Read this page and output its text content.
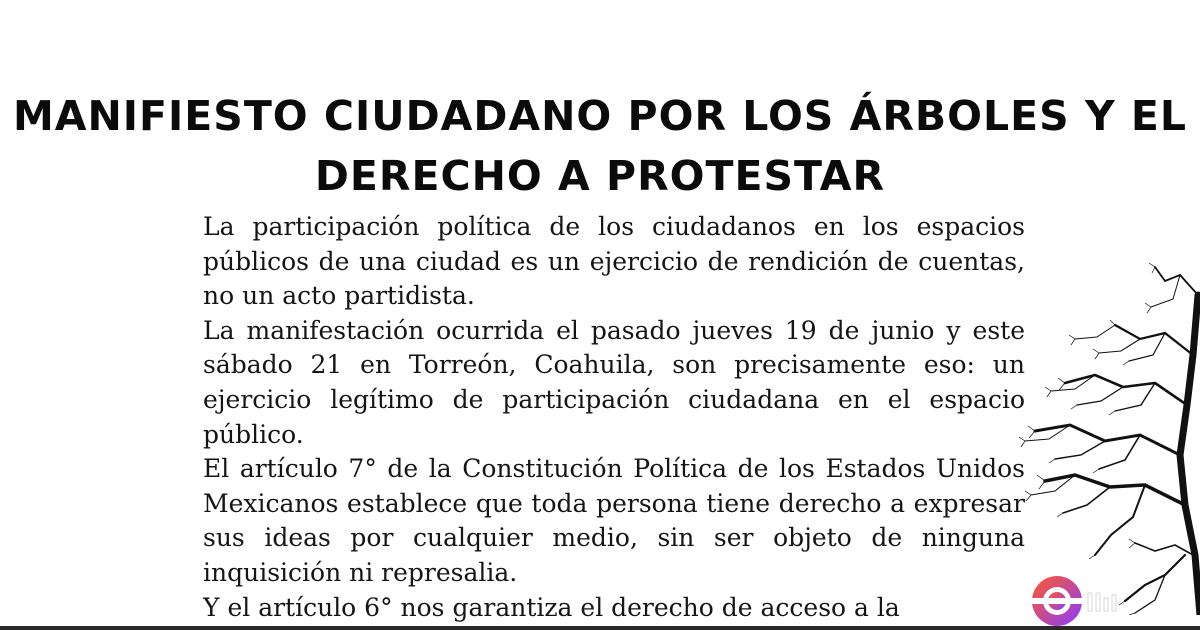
MANIFIESTO CIUDADANO POR LOS ÁRBOLES Y EL
DERECHO A PROTESTAR

La participación política de los ciudadanos en los espacios públicos de una ciudad es un ejercicio de rendición de cuentas, no un acto partidista.

La manifestación ocurrida el pasado jueves 19 de junio y este sábado 21 en Torreón, Coahuila, son precisamente eso: un ejercicio legítimo de participación ciudadana en el espacio público.

El artículo 7° de la Constitución Política de los Estados Unidos Mexicanos establece que toda persona tiene derecho a expresar sus ideas por cualquier medio, sin ser objeto de ninguna inquisición ni represalia.

Y el artículo 6° nos garantiza el derecho de acceso a la
